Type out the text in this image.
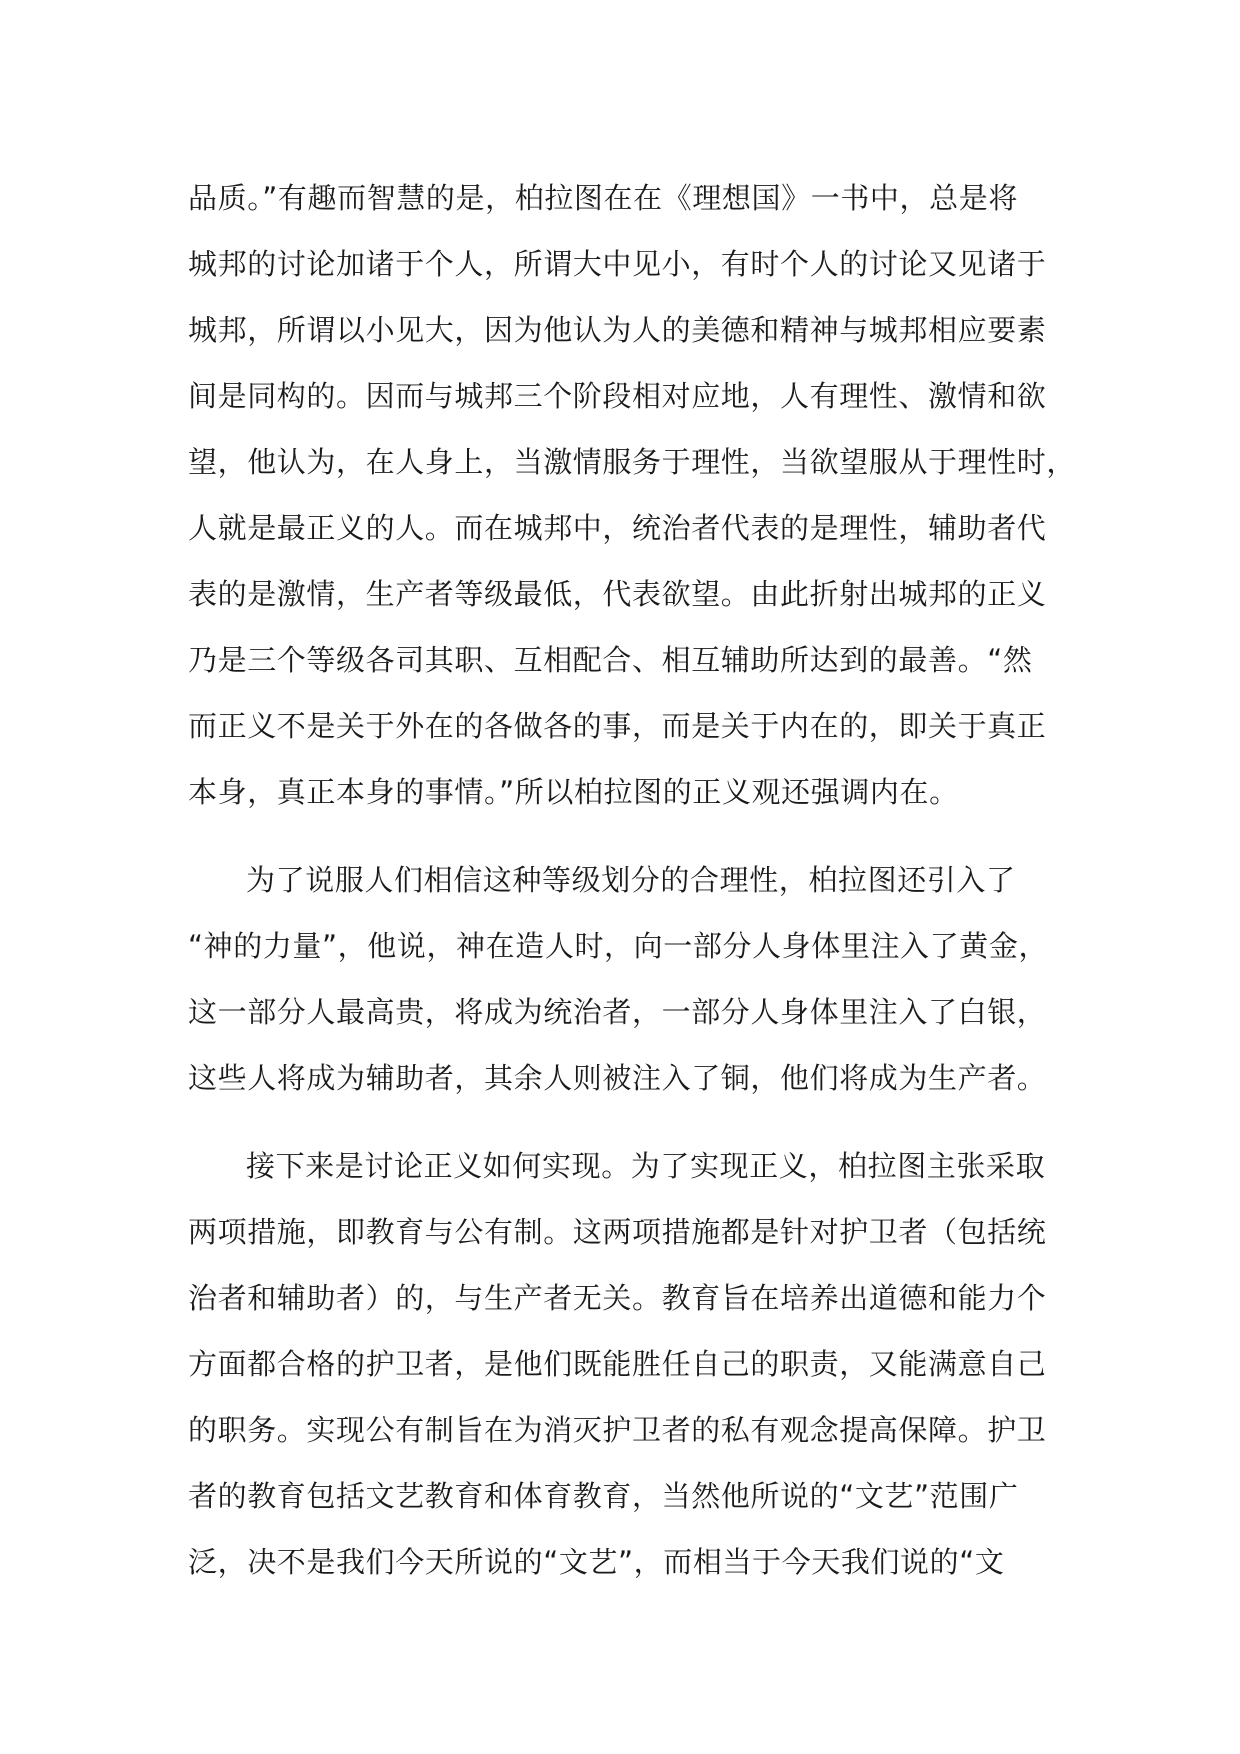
品质。”有趣而智慧的是，柏拉图在在《理想国》一书中，总是将
城邦的讨论加诸于个人，所谓大中见小，有时个人的讨论又见诸于
城邦，所谓以小见大，因为他认为人的美德和精神与城邦相应要素
间是同构的。因而与城邦三个阶段相对应地，人有理性、激情和欲
望，他认为，在人身上，当激情服务于理性，当欲望服从于理性时，
人就是最正义的人。而在城邦中，统治者代表的是理性，辅助者代
表的是激情，生产者等级最低，代表欲望。由此折射出城邦的正义
乃是三个等级各司其职、互相配合、相互辅助所达到的最善。“然
而正义不是关于外在的各做各的事，而是关于内在的，即关于真正
本身，真正本身的事情。”所以柏拉图的正义观还强调内在。
为了说服人们相信这种等级划分的合理性，柏拉图还引入了
“神的力量”，他说，神在造人时，向一部分人身体里注入了黄金，
这一部分人最高贵，将成为统治者，一部分人身体里注入了白银，
这些人将成为辅助者，其余人则被注入了铜，他们将成为生产者。
接下来是讨论正义如何实现。为了实现正义，柏拉图主张采取
两项措施，即教育与公有制。这两项措施都是针对护卫者（包括统
治者和辅助者）的，与生产者无关。教育旨在培养出道德和能力个
方面都合格的护卫者，是他们既能胜任自己的职责，又能满意自己
的职务。实现公有制旨在为消灭护卫者的私有观念提高保障。护卫
者的教育包括文艺教育和体育教育，当然他所说的“文艺”范围广
泛，决不是我们今天所说的“文艺”，而相当于今天我们说的“文
